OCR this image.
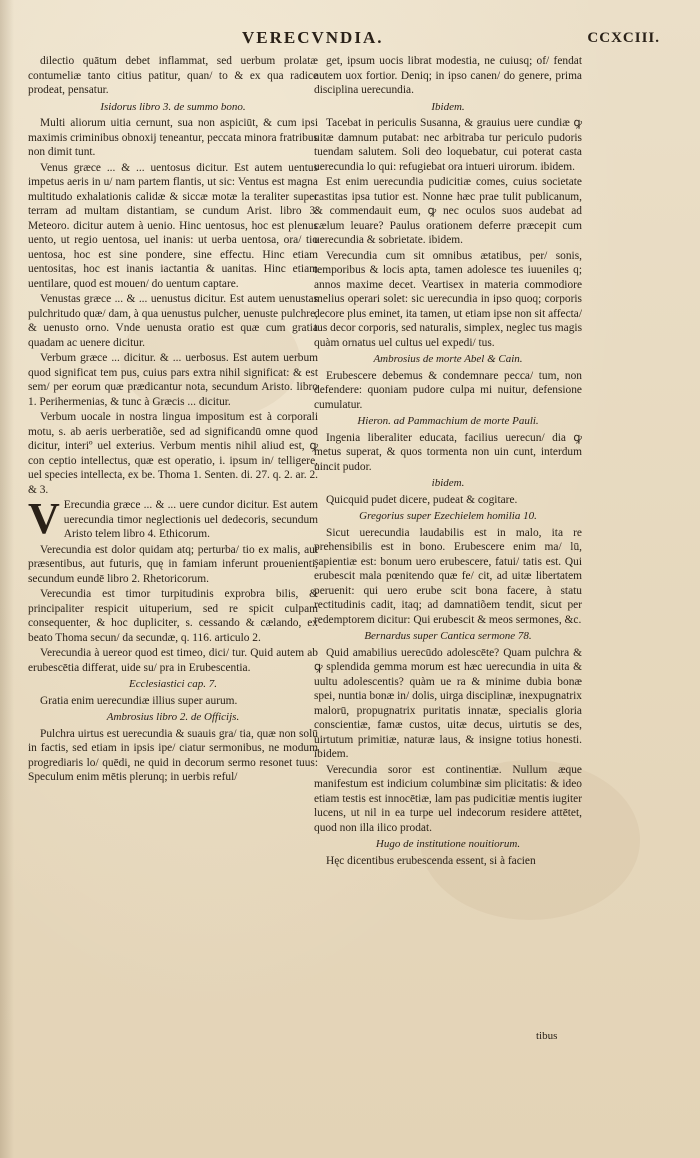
VERECVNDIA.	CCXCIII.
dilectio quātum debet inflammat, sed uerbum prolatæ contumeliæ tanto citius patitur, quan/ to & ex qua radice prodeat, pensatur.
Isidorus libro 3. de summo bono.
Multi aliorum uitia cernunt, sua non aspiciūt, & cum ipsi maximis criminibus obnoxij teneantur, peccata minora fratribus non dimit tunt.
Venus græce ... & ... uentosus dicitur. Est autem uentus impetus aeris in u/ nam partem flantis, ut sic: Ventus est magna multitudo exhalationis calidæ & siccæ motæ la teraliter super terram ad multam distantiam, se cundum Arist. libro 3. Meteoro. dicitur autem à uenio. Hinc uentosus, hoc est plenus uento, ut regio uentosa, uel inanis: ut uerba uentosa, ora/ tio uentosa, hoc est sine pondere, sine effectu. Hinc etiam uentositas, hoc est inanis iactantia & uanitas. Hinc etiam uentilare, quod est mouen/ do uentum captare.
Venustas græce ... & ... uenustus dicitur. Est autem uenustas pulchritudo quæ/ dam, à qua uenustus pulcher, uenuste pulchre, & uenusto orno. Vnde uenusta oratio est quæ cum gratia quadam ac uenere dicitur.
Verbum græce ... dicitur. & ... uerbosus. Est autem uerbum quod significat tem pus, cuius pars extra nihil significat: & est sem/ per eorum quæ prædicantur nota, secundum Aristo. libro 1. Perihermenias, & tunc à Græcis ... dicitur.
Verbum uocale in nostra lingua impositum est à corporali motu, s. ab aeris uerberatiõe, sed ad significandū omne quod dicitur, interiº uel exterius. Verbum mentis nihil aliud est, ꝙ con ceptio intellectus, quæ est operatio, i. ipsum in/ telligere, uel species intellecta, ex be. Thoma 1. Senten. di. 27. q. 2. ar. 2. & 3.
V Erecundia græce ... & ... uere cundor dicitur. Est autem uerecundia timor neglectionis uel dedecoris, secundum Aristo telem libro 4. Ethicorum.
Verecundia est dolor quidam atq; perturba/ tio ex malis, aut præsentibus, aut futuris, quę in famiam inferunt prouenienti, secundum eundē libro 2. Rhetoricorum.
Verecundia est timor turpitudinis exprobra bilis, & principaliter respicit uituperium, sed re spicit culpam consequenter, & hoc dupliciter, s. cessando & cælando, ex beato Thoma secun/ da secundæ, q. 116. articulo 2.
Verecundia à uereor quod est timeo, dici/ tur. Quid autem ab erubescētia differat, uide su/ pra in Erubescentia.
Ecclesiastici cap. 7.
Gratia enim uerecundiæ illius super aurum.
Ambrosius libro 2. de Officijs.
Pulchra uirtus est uerecundia & suauis gra/ tia, quæ non solū in factis, sed etiam in ipsis ipe/ ciatur sermonibus, ne modum progrediaris lo/ quēdi, ne quid in decorum sermo resonet tuus: Speculum enim mētis plerunq; in uerbis reful/
get, ipsum uocis librat modestia, ne cuiusq; of/ fendat autem uox fortior. Deniq; in ipso canen/ do genere, prima disciplina uerecundia.
Ibidem.
Tacebat in periculis Susanna, & grauius uere cundiæ ꝙ uitæ damnum putabat: nec arbitraba tur periculo pudoris tuendam salutem. Soli deo loquebatur, cui poterat casta uerecundia lo qui: refugiebat ora intueri uirorum. ibidem.
Est enim uerecundia pudicitiæ comes, cuius societate castitas ipsa tutior est. Nonne hæc prae tulit publicanum, & commendauit eum, ꝙ nec oculos suos audebat ad cælum leuare? Paulus orationem deferre præcepit cum uerecundia & sobrietate. ibidem.
Verecundia cum sit omnibus ætatibus, per/ sonis, temporibus & locis apta, tamen adolesce tes iuueniles q; annos maxime decet. Veartisex in materia commodiore melius operari solet: sic uerecundia in ipso quoq; corporis decore plus eminet, ita tamen, ut etiam ipse non sit affecta/ tus decor corporis, sed naturalis, simplex, neglec tus magis quàm ornatus uel cultus uel expedi/ tus.
Ambrosius de morte Abel & Cain.
Erubescere debemus & condemnare pecca/ tum, non defendere: quoniam pudore culpa mi nuitur, defensione cumulatur.
Hieron. ad Pammachium de morte Pauli.
Ingenia liberaliter educata, facilius uerecun/ dia ꝙ metus superat, & quos tormenta non uin cunt, interdum uincit pudor.
ibidem.
Quicquid pudet dicere, pudeat & cogitare.
Gregorius super Ezechielem homilia 10.
Sicut uerecundia laudabilis est in malo, ita re prehensibilis est in bono. Erubescere enim ma/ lū, sapientiæ est: bonum uero erubescere, fatui/ tatis est. Qui erubescit mala pœnitendo quæ fe/ cit, ad uitæ libertatem peruenit: qui uero erube scit bona facere, à statu rectitudinis cadit, itaq; ad damnatiõem tendit, sicut per redemptorem dicitur: Qui erubescit & meos sermones, &c.
Bernardus super Cantica sermone 78.
Quid amabilius uerecūdo adolescēte? Quam pulchra & ꝙ splendida gemma morum est hæc uerecundia in uita & uultu adolescentis? quàm ue ra & minime dubia bonæ spei, nuntia bonæ in/ dolis, uirga disciplinæ, inexpugnatrix malorū, propugnatrix puritatis innatæ, specialis gloria conscientiæ, famæ custos, uitæ decus, uirtutis se des, uirtutum primitiæ, naturæ laus, & insigne totius honesti. ibidem.
Verecundia soror est continentiæ. Nullum æque manifestum est indicium columbinæ sim plicitatis: & ideo etiam testis est innocētiæ, lam pas pudicitiæ mentis iugiter lucens, ut nil in ea turpe uel indecorum residere attētet, quod non illa ilico prodat.
Hugo de institutione nouitiorum.
Hęc dicentibus erubescenda essent, si à facien
tibus
